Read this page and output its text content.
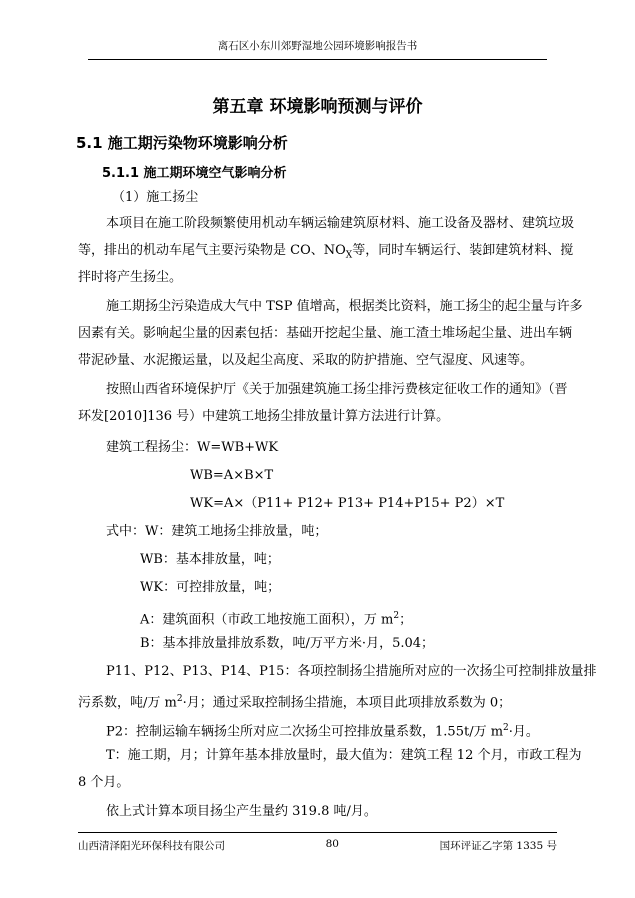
离石区小东川郊野湿地公园环境影响报告书
第五章 环境影响预测与评价
5.1 施工期污染物环境影响分析
5.1.1 施工期环境空气影响分析
（1）施工扬尘
本项目在施工阶段频繁使用机动车辆运输建筑原材料、施工设备及器材、建筑垃圾
等，排出的机动车尾气主要污染物是 CO、$NO_X$等，同时车辆运行、装卸建筑材料、搅
拌时将产生扬尘。
施工期扬尘污染造成大气中 TSP 值增高，根据类比资料，施工扬尘的起尘量与许多
因素有关。影响起尘量的因素包括：基础开挖起尘量、施工渣土堆场起尘量、进出车辆
带泥砂量、水泥搬运量，以及起尘高度、采取的防护措施、空气湿度、风速等。
按照山西省环境保护厅《关于加强建筑施工扬尘排污费核定征收工作的通知》（晋
环发[2010]136 号）中建筑工地扬尘排放量计算方法进行计算。
建筑工程扬尘：W=WB+WK
WB=A×B×T
WK=A×（P11+ P12+ P13+ P14+P15+ P2）×T
式中：W：建筑工地扬尘排放量，吨；
WB：基本排放量，吨；
WK：可控排放量，吨；
A：建筑面积（市政工地按施工面积），万 $m^2$；
B：基本排放量排放系数，吨/万平方米·月，5.04；
P11、P12、P13、P14、P15：各项控制扬尘措施所对应的一次扬尘可控制排放量排
污系数，吨/万 $m^2\cdot$月；通过采取控制扬尘措施，本项目此项排放系数为 0；
P2：控制运输车辆扬尘所对应二次扬尘可控排放量系数，1.55t/万 $m^2\cdot$月。
T：施工期，月；计算年基本排放量时，最大值为：建筑工程 12 个月，市政工程为
8 个月。
依上式计算本项目扬尘产生量约 319.8 吨/月。
山西清泽阳光环保科技有限公司	80	国环评证乙字第 1335 号
